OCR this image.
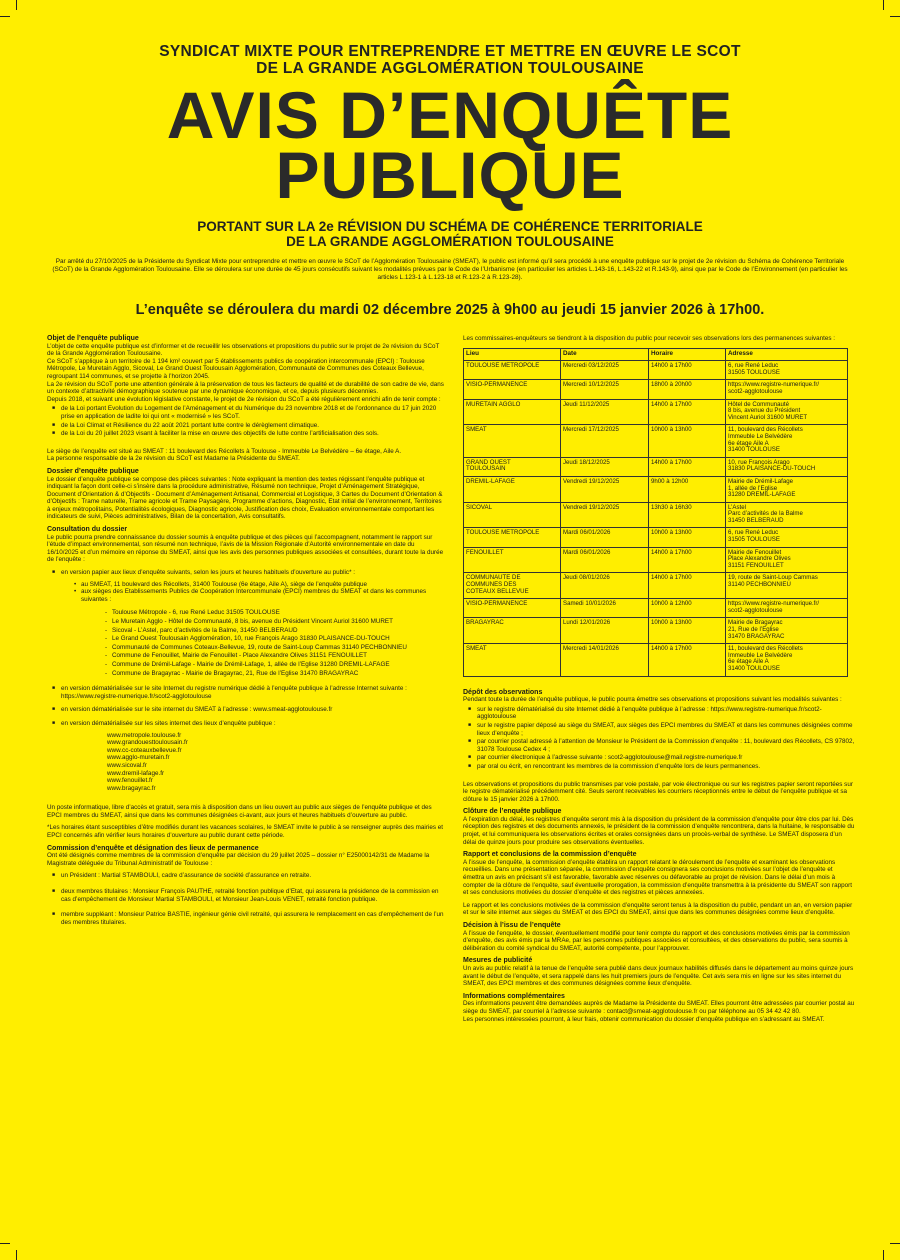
SYNDICAT MIXTE POUR ENTREPRENDRE ET METTRE EN ŒUVRE LE SCOT
DE LA GRANDE AGGLOMÉRATION TOULOUSAINE
AVIS D’ENQUÊTE
PUBLIQUE
PORTANT SUR LA 2e RÉVISION DU SCHÉMA DE COHÉRENCE TERRITORIALE
DE LA GRANDE AGGLOMÉRATION TOULOUSAINE
Par arrêté du 27/10/2025 de la Présidente du Syndicat Mixte pour entreprendre et mettre en œuvre le SCoT de l’Agglomération Toulousaine (SMEAT), le public est informé qu’il sera procédé à une enquête publique sur le projet de 2e révision du Schéma de Cohérence Territoriale (SCoT) de la Grande Agglomération Toulousaine. Elle se déroulera sur une durée de 45 jours consécutifs suivant les modalités prévues par le Code de l’Urbanisme (en particulier les articles L.143-16, L.143-22 et R.143-9), ainsi que par le Code de l’Environnement (en particulier les articles L.123-1 à L.123-18 et R.123-2 à R.123-28).
L’enquête se déroulera du mardi 02 décembre 2025 à 9h00 au jeudi 15 janvier 2026 à 17h00.
Objet de l’enquête publique

L’objet de cette enquête publique est d’informer et de recueillir les observations et propositions du public sur le projet de 2e révision du SCoT de la Grande Agglomération Toulousaine.

Ce SCoT s’applique à un territoire de 1 194 km² couvert par 5 établissements publics de coopération intercommunale (EPCI) : Toulouse Métropole, Le Muretain Agglo, Sicoval, Le Grand Ouest Toulousain Agglomération, Communauté de Communes des Coteaux Bellevue, regroupant 114 communes, et se projette à l’horizon 2045.

La 2e révision du SCoT porte une attention générale à la préservation de tous les facteurs de qualité et de durabilité de son cadre de vie, dans un contexte d’attractivité démographique soutenue par une dynamique économique, et ce, depuis plusieurs décennies.

Depuis 2018, et suivant une évolution législative constante, le projet de 2e révision du SCoT a été régulièrement enrichi afin de tenir compte :

■ de la Loi portant Evolution du Logement de l’Aménagement et du Numérique du 23 novembre 2018 et de l’ordonnance du 17 juin 2020 prise en application de ladite loi qui ont « modernisé » les SCoT.
■ de la Loi Climat et Résilience du 22 août 2021 portant lutte contre le dérèglement climatique.
■ de la Loi du 20 juillet 2023 visant à faciliter la mise en œuvre des objectifs de lutte contre l’artificialisation des sols.

Le siège de l’enquête est situé au SMEAT : 11 boulevard des Récollets à Toulouse - Immeuble Le Belvédère – 6e étage, Aile A.

La personne responsable de la 2e révision du SCoT est Madame la Présidente du SMEAT.

Dossier d’enquête publique

Le dossier d’enquête publique se compose des pièces suivantes : Note expliquant la mention des textes régissant l’enquête publique et indiquant la façon dont celle-ci s’insère dans la procédure administrative, Résumé non technique, Projet d’Aménagement Stratégique, Document d’Orientation & d’Objectifs - Document d’Aménagement Artisanal, Commercial et Logistique, 3 Cartes du Document d’Orientation & d’Objectifs : Trame naturelle, Trame agricole et Trame Paysagère, Programme d’actions, Diagnostic, Etat initial de l’environnement, Territoires à enjeux métropolitains, Potentialités écologiques, Diagnostic agricole, Justification des choix, Evaluation environnementale comportant les indicateurs de suivi, Pièces administratives, Bilan de la concertation, Avis consultatifs.

Consultation du dossier

Le public pourra prendre connaissance du dossier soumis à enquête publique et des pièces qui l’accompagnent, notamment le rapport sur l’étude d’impact environnemental, son résumé non technique, l’avis de la Mission Régionale d’Autorité environnementale en date du 16/10/2025 et d’un mémoire en réponse du SMEAT, ainsi que les avis des personnes publiques associées et consultées, durant toute la durée de l’enquête :

■ en version papier aux lieux d’enquête suivants, selon les jours et heures habituels d’ouverture au public* :
• au SMEAT, 11 boulevard des Récollets, 31400 Toulouse (6e étage, Aile A), siège de l’enquête publique
• aux sièges des Etablissements Publics de Coopération Intercommunale (EPCI) membres du SMEAT et dans les communes suivantes :
- Toulouse Métropole - 6, rue René Leduc 31505 TOULOUSE
- Le Muretain Agglo - Hôtel de Communauté, 8 bis, avenue du Président Vincent Auriol 31600 MURET
- Sicoval - L’Astel, parc d’activités de la Balme, 31450 BELBERAUD
- Le Grand Ouest Toulousain Agglomération, 10, rue François Arago 31830 PLAISANCE-DU-TOUCH
- Communauté de Communes Coteaux-Bellevue, 19, route de Saint-Loup Cammas 31140 PECHBONNIEU
- Commune de Fenouillet, Mairie de Fenouillet - Place Alexandre Olives 31151 FENOUILLET
- Commune de Drémil-Lafage - Mairie de Drémil-Lafage, 1, allée de l’Eglise 31280 DREMIL-LAFAGE
- Commune de Bragayrac - Mairie de Bragayrac, 21, Rue de l’Eglise 31470 BRAGAYRAC
■ en version dématérialisée sur le site Internet du registre numérique dédié à l’enquête publique à l’adresse Internet suivante : https://www.registre-numerique.fr/scot2-agglotoulouse
■ en version dématérialisée sur le site internet du SMEAT à l’adresse : www.smeat-agglotoulouse.fr
■ en version dématérialisée sur les sites internet des lieux d’enquête publique :
www.metropole.toulouse.fr
www.grandouesttoulousain.fr
www.cc-coteauxbellevue.fr
www.agglo-muretain.fr
www.sicoval.fr
www.dremil-lafage.fr
www.fenouillet.fr
www.bragayrac.fr

Un poste informatique, libre d’accès et gratuit, sera mis à disposition dans un lieu ouvert au public aux sièges de l’enquête publique et des EPCI membres du SMEAT, ainsi que dans les communes désignées ci-avant, aux jours et heures habituels d’ouverture au public.

*Les horaires étant susceptibles d’être modifiés durant les vacances scolaires, le SMEAT invite le public à se renseigner auprès des mairies et EPCI concernés afin vérifier leurs horaires d’ouverture au public durant cette période.

Commission d’enquête et désignation des lieux de permanence

Ont été désignés comme membres de la commission d’enquête par décision du 29 juillet 2025 – dossier n° E25000142/31 de Madame la Magistrate déléguée du Tribunal Administratif de Toulouse :

■ un Président : Martial STAMBOULI, cadre d’assurance de société d’assurance en retraite.
■ deux membres titulaires : Monsieur François PAUTHE, retraité fonction publique d’Etat, qui assurera la présidence de la commission en cas d’empêchement de Monsieur Martial STAMBOULI, et Monsieur Jean-Louis VENET, retraité fonction publique.
■ membre suppléant : Monsieur Patrice BASTIE, ingénieur génie civil retraité, qui assurera le remplacement en cas d’empêchement de l’un des membres titulaires.

Les commissaires-enquêteurs se tiendront à la disposition du public pour recevoir ses observations lors des permanences suivantes :

Lieu	Date	Horaire	Adresse
TOULOUSE METROPOLE	Mercredi 03/12/2025	14h00 à 17h00	6, rue René Leduc
31505 TOULOUSE
VISIO-PERMANENCE	Mercredi 10/12/2025	18h00 à 20h00	https://www.registre-numerique.fr/
scot2-agglotoulouse
MURETAIN AGGLO	Jeudi 11/12/2025	14h00 à 17h00	Hôtel de Communauté
8 bis, avenue du Président
Vincent Auriol 31600 MURET
SMEAT	Mercredi 17/12/2025	10h00 à 13h00	11, boulevard des Récollets
Immeuble Le Belvédère
6e étage Aile A
31400 TOULOUSE
GRAND OUEST
TOULOUSAIN	Jeudi 18/12/2025	14h00 à 17h00	10, rue François Arago
31830 PLAISANCE-DU-TOUCH
DREMIL-LAFAGE	Vendredi 19/12/2025	9h00 à 12h00	Mairie de Drémil-Lafage
1, allée de l’Eglise
31280 DREMIL-LAFAGE
SICOVAL	Vendredi 19/12/2025	13h30 à 16h30	L’Astel
Parc d’activités de la Balme
31450 BELBERAUD
TOULOUSE METROPOLE	Mardi 06/01/2026	10h00 à 13h00	6, rue René Leduc
31505 TOULOUSE
FENOUILLET	Mardi 06/01/2026	14h00 à 17h00	Mairie de Fenouillet
Place Alexandre Olives
31151 FENOUILLET
COMMUNAUTE DE
COMMUNES DES
COTEAUX BELLEVUE	Jeudi 08/01/2026	14h00 à 17h00	19, route de Saint-Loup Cammas
31140 PECHBONNIEU
VISIO-PERMANENCE	Samedi 10/01/2026	10h00 à 12h00	https://www.registre-numerique.fr/
scot2-agglotoulouse
BRAGAYRAC	Lundi 12/01/2026	10h00 à 13h00	Mairie de Bragayrac
21, Rue de l’Eglise
31470 BRAGAYRAC
SMEAT	Mercredi 14/01/2026	14h00 à 17h00	11, boulevard des Récollets
Immeuble Le Belvédère
6e étage Aile A
31400 TOULOUSE
Dépôt des observations

Pendant toute la durée de l’enquête publique, le public pourra émettre ses observations et propositions suivant les modalités suivantes :

■ sur le registre dématérialisé du site Internet dédié à l’enquête publique à l’adresse : https://www.registre-numerique.fr/scot2-agglotoulouse
■ sur le registre papier déposé au siège du SMEAT, aux sièges des EPCI membres du SMEAT et dans les communes désignées comme lieux d’enquête ;
■ par courrier postal adressé à l’attention de Monsieur le Président de la Commission d’enquête : 11, boulevard des Récollets, CS 97802, 31078 Toulouse Cedex 4 ;
■ par courrier électronique à l’adresse suivante : scot2-agglotoulouse@mail.registre-numerique.fr
■ par oral ou écrit, en rencontrant les membres de la commission d’enquête lors de leurs permanences.

Les observations et propositions du public transmises par voie postale, par voie électronique ou sur les registres papier seront reportées sur le registre dématérialisé précédemment cité. Seuls seront recevables les courriers réceptionnés entre le début de l’enquête publique et sa clôture le 15 janvier 2026 à 17h00.

Clôture de l’enquête publique

A l’expiration du délai, les registres d’enquête seront mis à la disposition du président de la commission d’enquête pour être clos par lui. Dès réception des registres et des documents annexés, le président de la commission d’enquête rencontrera, dans la huitaine, le responsable du projet, et lui communiquera les observations écrites et orales consignées dans un procès-verbal de synthèse. Le SMEAT disposera d’un délai de quinze jours pour produire ses observations éventuelles.

Rapport et conclusions de la commission d’enquête

A l’issue de l’enquête, la commission d’enquête établira un rapport relatant le déroulement de l’enquête et examinant les observations recueillies. Dans une présentation séparée, la commission d’enquête consignera ses conclusions motivées sur l’objet de l’enquête et émettra un avis en précisant s’il est favorable, favorable avec réserves ou défavorable au projet de révision. Dans le délai d’un mois à compter de la clôture de l’enquête, sauf éventuelle prorogation, la commission d’enquête transmettra à la présidente du SMEAT son rapport et ses conclusions motivées du dossier d’enquête et des registres et pièces annexées.

Le rapport et les conclusions motivées de la commission d’enquête seront tenus à la disposition du public, pendant un an, en version papier et sur le site internet aux sièges du SMEAT et des EPCI du SMEAT, ainsi que dans les communes désignées comme lieux d’enquête.

Décision à l’issu de l’enquête

A l’issue de l’enquête, le dossier, éventuellement modifié pour tenir compte du rapport et des conclusions motivées émis par la commission d’enquête, des avis émis par la MRAe, par les personnes publiques associées et consultées, et des observations du public, sera soumis à délibération du comité syndical du SMEAT, autorité compétente, pour l’approuver.

Mesures de publicité

Un avis au public relatif à la tenue de l’enquête sera publié dans deux journaux habilités diffusés dans le département au moins quinze jours avant le début de l’enquête, et sera rappelé dans les huit premiers jours de l’enquête. Cet avis sera mis en ligne sur les sites internet du SMEAT, des EPCI membres et des communes désignées comme lieux d’enquête.

Informations complémentaires

Des informations peuvent être demandées auprès de Madame la Présidente du SMEAT. Elles pourront être adressées par courrier postal au siège du SMEAT, par courriel à l’adresse suivante : contact@smeat-agglotoulouse.fr ou par téléphone au 05 34 42 42 80.

Les personnes intéressées pourront, à leur frais, obtenir communication du dossier d’enquête publique en s’adressant au SMEAT.
